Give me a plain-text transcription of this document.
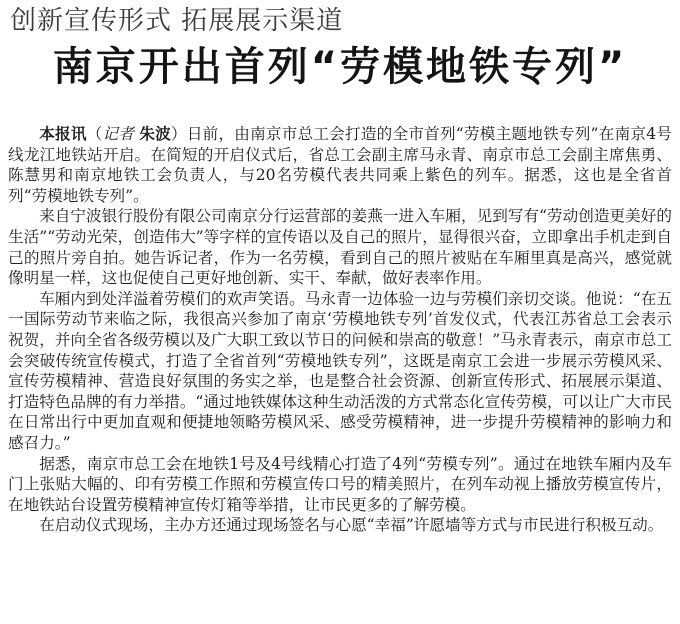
创新宣传形式 拓展展示渠道
南京开出首列“劳模地铁专列”

本报讯（记者 朱波）日前，由南京市总工会打造的全市首列“劳模主题地铁专列”在南京4号线龙江地铁站开启。在简短的开启仪式后，省总工会副主席马永青、南京市总工会副主席焦勇、陈慧男和南京地铁工会负责人，与20名劳模代表共同乘上紫色的列车。据悉，这也是全省首列“劳模地铁专列”。

来自宁波银行股份有限公司南京分行运营部的姜燕一进入车厢，见到写有“劳动创造更美好的生活”“劳动光荣，创造伟大”等字样的宣传语以及自己的照片，显得很兴奋，立即拿出手机走到自己的照片旁自拍。她告诉记者，作为一名劳模，看到自己的照片被贴在车厢里真是高兴，感觉就像明星一样，这也促使自己更好地创新、实干、奉献，做好表率作用。

车厢内到处洋溢着劳模们的欢声笑语。马永青一边体验一边与劳模们亲切交谈。他说：“在五一国际劳动节来临之际，我很高兴参加了南京‘劳模地铁专列’首发仪式，代表江苏省总工会表示祝贺，并向全省各级劳模以及广大职工致以节日的问候和崇高的敬意！”马永青表示，南京市总工会突破传统宣传模式，打造了全省首列“劳模地铁专列”，这既是南京工会进一步展示劳模风采、宣传劳模精神、营造良好氛围的务实之举，也是整合社会资源、创新宣传形式、拓展展示渠道、打造特色品牌的有力举措。“通过地铁媒体这种生动活泼的方式常态化宣传劳模，可以让广大市民在日常出行中更加直观和便捷地领略劳模风采、感受劳模精神，进一步提升劳模精神的影响力和感召力。”

据悉，南京市总工会在地铁1号及4号线精心打造了4列“劳模专列”。通过在地铁车厢内及车门上张贴大幅的、印有劳模工作照和劳模宣传口号的精美照片，在列车动视上播放劳模宣传片，在地铁站台设置劳模精神宣传灯箱等举措，让市民更多的了解劳模。

在启动仪式现场，主办方还通过现场签名与心愿“幸福”许愿墙等方式与市民进行积极互动。
